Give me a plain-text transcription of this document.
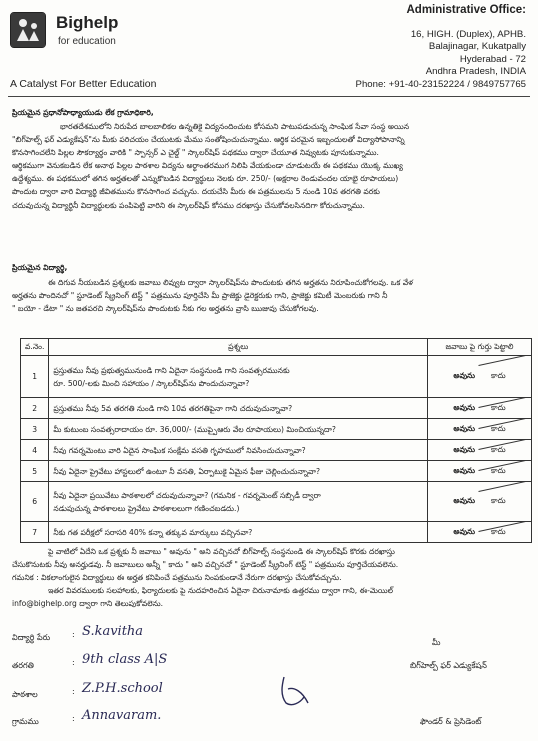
Bighelp
for education
A Catalyst For Better Education
Administrative Office:
16, HIGH. (Duplex), APHB.
Balajinagar, Kukatpally
Hyderabad - 72
Andhra Pradesh, INDIA
Phone: +91-40-23152224 / 9849757765
ప్రియమైన ప్రధానోపాధ్యాయుడు లేక గ్రామాధికారి,

భారతదేశములోని నిరుపేద బాలబాలికల ఉన్నతికై విద్యనందించుట కోసమని పాటుపడుచున్న సాంఘిక సేవా సంస్థ అయిన

"బిగ్‌హెల్ప్ ఫర్ ఎడ్యుకేషన్"ను మీకు పరిచయం చేయుటకు మేము సంతోషించుచున్నాము. ఆర్థిక పరమైన ఇబ్బందులతో విద్యాసోపానాన్ని

కొనసాగించలేని పిల్లల సౌకర్యార్థం వారికి " స్పాన్సర్ ఎ చైల్డ్ " స్కాలర్‌షిప్ పథకము ద్వారా చేయూత నివ్వుటకు పూనుకున్నాము.

ఆర్థికముగా వెనుకబడిన లేక అనాథ పిల్లల పాఠశాల విద్యను అర్థాంతరముగ నిలిపి వేయకుండా చూడుటయే ఈ పథకము యొక్క ముఖ్య

ఉద్దేశ్యము. ఈ పథకములో తగిన అర్హతలతో ఎన్నుకొబడిన విద్యార్థులు నెలకు రూ. 250/- (అక్షరాల రెండువందల యాభై రూపాయలు)

పొందుట ద్వారా వారి విద్యార్థి జీవితమును కొనసాగించ వచ్చును. దయచేసి మీరు ఈ పత్రములను 5 నుండి 10వ తరగతి వరకు

చదువుచున్న విద్యార్థినీ విద్యార్థులకు పంపిపెట్టి వారిని ఈ స్కాలర్‌షిప్ కోసము దరఖాస్తు చేసుకోవలసినదిగా కోరుచున్నాము.

ప్రియమైన విద్యార్థి,

ఈ దిగువ నీయబడిన ప్రశ్నలకు జవాబు లివ్వుట ద్వారా స్కాలర్‌షిప్‌ను పొందుటకు తగిన అర్హతను నిరూపించుకోగలవు. ఒక వేళ

అర్హతను పొందినచో " స్టూడెంట్ స్క్రీనింగ్ టెస్ట్ " పత్రమును పూర్తిచేసి మీ ప్రాజెక్టు డైరెక్టరుకు గాని, ప్రాజెక్టు కమిటీ మెంబరుకు గాని నీ

" బయో - డేటా " ను జతపరచి స్కాలర్‌షిప్‌ను పొందుటకు నీకు గల అర్హతను వ్రాసి ఋజువు చేసుకోగలవు.

వ.నెం.	ప్రశ్నలు	జవాబు పై గుర్తు పెట్టాలి
1	ప్రస్తుతము నీవు ప్రభుత్వమునుండి గాని ఏదైనా సంస్థనుండి గాని సంవత్సరమునకు
రూ. 500/-లకు మించి సహాయం / స్కాలర్‌షిప్‌ను పొందుచున్నావా?	అవును కాదు

2	ప్రస్తుతము నీవు 5వ తరగతి నుండి గాని 10వ తరగతిపైనా గాని చదువుచున్నావా?	అవును కాదు

3	మీ కుటుంబ సంవత్సరాదాయం రూ. 36,000/- (ముప్పైఆరు వేల రూపాయలు) మించియున్నదా?	అవును కాదు

4	నీవు గవర్నమెంటు వారి ఏదైన సాంఘిక సంక్షేమ వసతి గృహములో నివసించుచున్నావా?	అవును కాదు

5	నీవు ఏదైనా ప్రైవేటు హాస్టలులో ఉంటూ నీ వసతి, ఏర్పాటుకై ఏమైన ఫీజు చెల్లించుచున్నావా?	అవును కాదు

6	నీవు ఏదైనా ప్రయివేటు పాఠశాలలో చదువుచున్నావా? (గమనిక - గవర్నమెంట్ సబ్సిడీ ద్వారా
నడుపుచున్న పాఠశాలలు ప్రైవేటు పాఠశాలలుగా గణించబడదు.)	అవును కాదు

7	నీకు గత పరీక్షలో సరాసరి 40% కన్నా తక్కువ మార్కులు వచ్చినవా?	అవును కాదు

పై వాటిలో ఏదేని ఒక ప్రశ్నకు నీ జవాబు " అవును " అని వచ్చినచో బిగ్‌హెల్ప్ సంస్థనుండి ఈ స్కాలర్‌షిప్ కొరకు దరఖాస్తు

చేసుకొనుటకు నీవు అనర్హుడవు. నీ జవాబులు అన్నీ " కాదు " అని వచ్చినచో " స్టూడెంట్ స్క్రీనింగ్ టెస్ట్ " పత్రమును పూర్తిచేయవలెను.

గమనిక : వికలాంగులైన విద్యార్థులు ఈ అర్హత కనిపించే పత్రమును నింపకుండానే నేరుగా దరఖాస్తు చేసుకోవచ్చును.

ఇతర వివరములకు సలహాలకు, ఫిర్యాదులకు పై నుదహరించిన ఏదైనా చిరునామాకు ఉత్తరము ద్వారా గాని, ఈ-మెయిల్

info@bighelp.org ద్వారా గాని తెలుపుకోవలెను.

విద్యార్థి పేరు	: S.kavitha
తరగతి	: 9th class A|S
పాఠశాల	: Z.P.H.school
గ్రామము	: Annavaram.
మీ
బిగ్‌హెల్ప్ ఫర్ ఎడ్యుకేషన్
ఫౌండర్ & ప్రెసిడెంట్
